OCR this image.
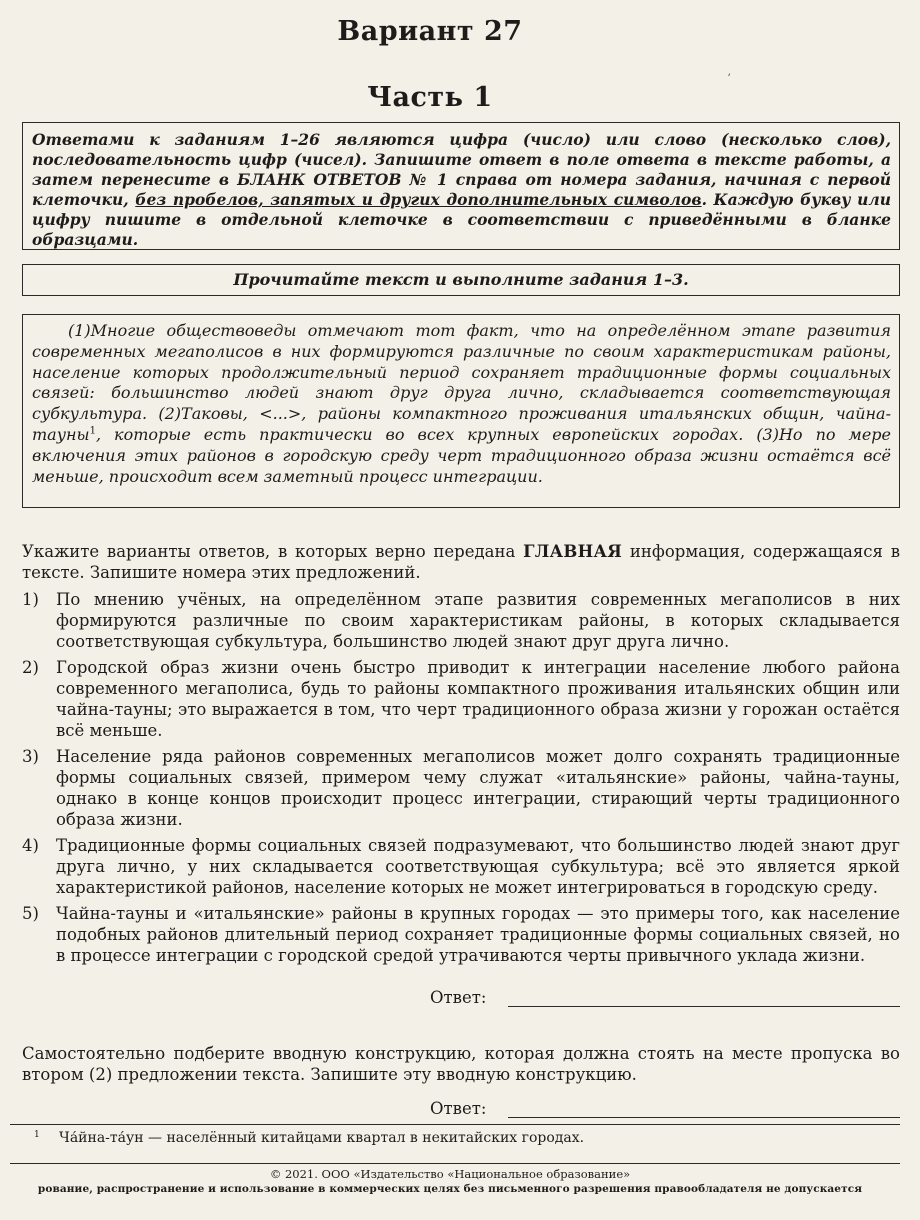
Вариант 27
Часть 1
ʼ
Ответами к заданиям 1–26 являются цифра (число) или слово (несколько слов), последовательность цифр (чисел). Запишите ответ в поле ответа в тексте работы, а затем перенесите в БЛАНК ОТВЕТОВ № 1 справа от номера задания, начиная с первой клеточки, без пробелов, запятых и других дополнительных символов. Каждую букву или цифру пишите в отдельной клеточке в соответствии с приведёнными в бланке образцами.
Прочитайте текст и выполните задания 1–3.

(1)Многие обществоведы отмечают тот факт, что на определённом этапе развития современных мегаполисов в них формируются различные по своим характеристикам районы, население которых продолжительный период сохраняет традиционные формы социальных связей: большинство людей знают друг друга лично, складывается соответствующая субкультура. (2)Таковы, <...>, районы компактного проживания итальянских общин, чайна-тауны$^1$, которые есть практически во всех крупных европейских городах. (3)Но по мере включения этих районов в городскую среду черт традиционного образа жизни остаётся всё меньше, происходит всем заметный процесс интеграции.

Укажите варианты ответов, в которых верно передана ГЛАВНАЯ информация, содержащаяся в тексте. Запишите номера этих предложений.
1) По мнению учёных, на определённом этапе развития современных мегаполисов в них формируются различные по своим характеристикам районы, в которых складывается соответствующая субкультура, большинство людей знают друг друга лично.
2) Городской образ жизни очень быстро приводит к интеграции население любого района современного мегаполиса, будь то районы компактного проживания итальянских общин или чайна-тауны; это выражается в том, что черт традиционного образа жизни у горожан остаётся всё меньше.
3) Население ряда районов современных мегаполисов может долго сохранять традиционные формы социальных связей, примером чему служат «итальянские» районы, чайна-тауны, однако в конце концов происходит процесс интеграции, стирающий черты традиционного образа жизни.
4) Традиционные формы социальных связей подразумевают, что большинство людей знают друг друга лично, у них складывается соответствующая субкультура; всё это является яркой характеристикой районов, население которых не может интегрироваться в городскую среду.
5) Чайна-тауны и «итальянские» районы в крупных городах — это примеры того, как население подобных районов длительный период сохраняет традиционные формы социальных связей, но в процессе интеграции с городской средой утрачиваются черты привычного уклада жизни.
Ответ:
Самостоятельно подберите вводную конструкцию, которая должна стоять на месте пропуска во втором (2) предложении текста. Запишите эту вводную конструкцию.
Ответ:
1 Ча́йна-та́ун — населённый китайцами квартал в некитайских городах.
© 2021. ООО «Издательство «Национальное образование»
рование, распространение и использование в коммерческих целях без письменного разрешения правообладателя не допускается
